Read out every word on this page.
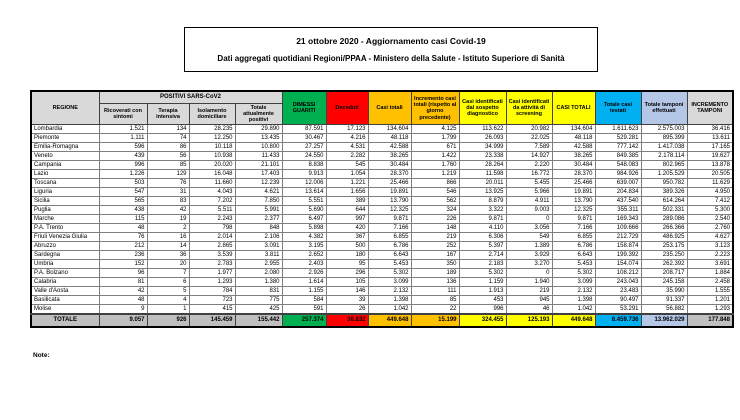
21 ottobre 2020 - Aggiornamento casi Covid-19
Dati aggregati quotidiani Regioni/PPAA - Ministero della Salute - Istituto Superiore di Sanità
REGIONE	POSITIVI SARS-CoV2				DIMESSI GUARITI	Deceduti	Casi totali	Incremento casi totali (rispetto al giorno precedente)	Casi identificati dal sospetto diagnostico	Casi identificati da attività di screening	CASI TOTALI	Totale casi testati	Totale tamponi effettuati	INCREMENTO TAMPONI
	Ricoverati con sintomi	Terapia intensiva	Isolamento domiciliare	Totale attualmente positivi										
Lombardia	1.521	134	28.235	29.890	87.591	17.123	134.604	4.125	113.622	20.982	134.604	1.611.623	2.575.003	36.416
Piemonte	1.111	74	12.250	13.435	30.467	4.216	48.118	1.799	26.093	22.025	48.118	529.281	895.399	13.611
Emilia-Romagna	596	86	10.118	10.800	27.257	4.531	42.588	671	34.999	7.589	42.588	777.142	1.417.038	17.165
Veneto	439	56	10.938	11.433	24.550	2.282	38.265	1.422	23.338	14.927	38.265	849.385	2.178.114	19.627
Campania	996	85	20.020	21.101	8.838	545	30.484	1.760	28.264	2.220	30.484	548.083	802.965	13.878
Lazio	1.226	129	16.048	17.403	9.913	1.054	28.370	1.219	11.598	16.772	28.370	984.926	1.205.529	20.505
Toscana	503	76	11.660	12.239	12.006	1.221	25.466	866	20.011	5.455	25.466	639.007	950.782	11.629
Liguria	547	31	4.043	4.621	13.614	1.656	19.891	546	13.925	5.966	19.891	204.834	389.326	4.950
Sicilia	565	83	7.202	7.850	5.551	389	13.790	562	8.879	4.911	13.790	437.540	614.264	7.412
Puglia	438	42	5.511	5.991	5.690	644	12.325	324	3.322	9.003	12.325	355.311	502.331	5.300
Marche	115	19	2.243	2.377	6.497	997	9.871	226	9.871	0	9.871	169.343	289.086	2.540
P.A. Trento	48	2	798	848	5.898	420	7.166	148	4.110	3.056	7.166	109.666	266.366	2.760
Friuli Venezia Giulia	76	16	2.014	2.106	4.382	367	6.855	219	6.306	549	6.855	212.729	486.925	4.627
Abruzzo	212	14	2.865	3.091	3.195	500	6.786	252	5.397	1.389	6.786	158.874	253.175	3.123
Sardegna	236	36	3.539	3.811	2.652	180	6.643	167	2.714	3.929	6.643	199.392	235.250	2.223
Umbria	152	20	2.783	2.955	2.403	95	5.453	350	2.183	3.270	5.453	154.074	262.392	3.691
P.A. Bolzano	96	7	1.977	2.080	2.926	296	5.302	189	5.302	0	5.302	108.212	208.717	1.884
Calabria	81	6	1.293	1.380	1.614	105	3.099	136	1.159	1.940	3.099	243.043	245.158	2.458
Valle d'Aosta	42	5	784	831	1.155	146	2.132	111	1.913	219	2.132	23.483	35.990	1.555
Basilicata	48	4	723	775	584	39	1.398	85	453	945	1.398	90.497	91.337	1.201
Molise	9	1	415	425	591	26	1.042	22	996	46	1.042	53.291	56.882	1.293
TOTALE	9.057	926	145.459	155.442	257.374	36.832	449.648	15.199	324.455	125.193	449.648	8.459.736	13.962.029	177.848
Note:
